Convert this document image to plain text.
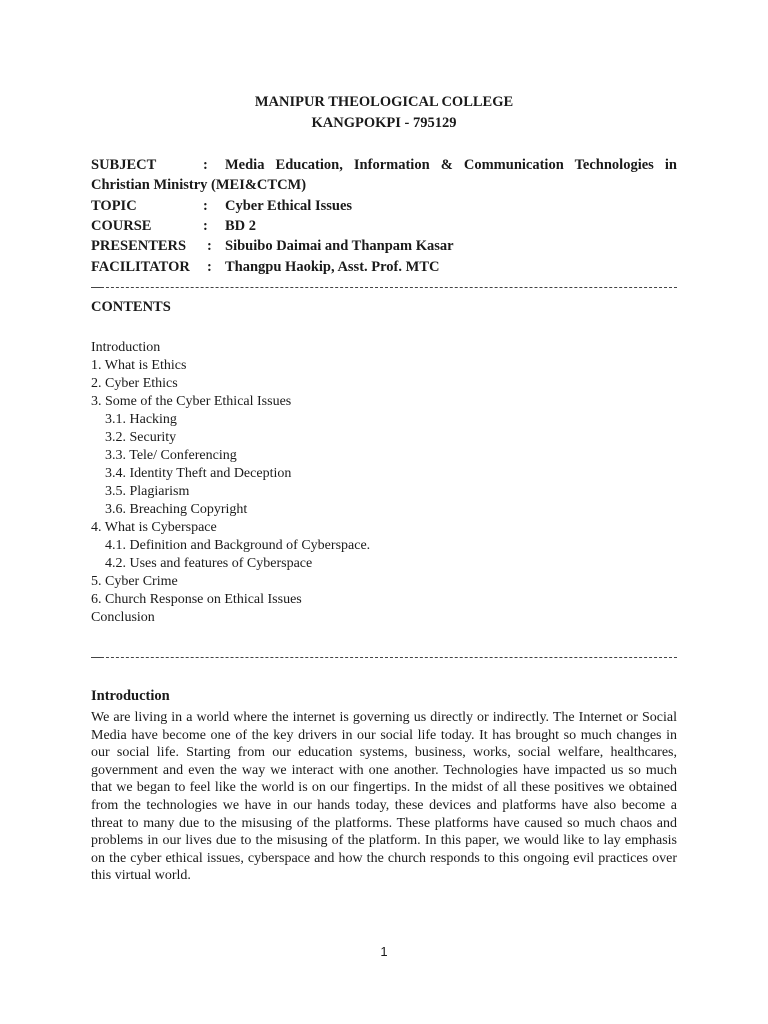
MANIPUR THEOLOGICAL COLLEGE
KANGPOKPI - 795129
SUBJECT	: Media Education, Information & Communication Technologies in Christian Ministry (MEI&CTCM)
TOPIC	:	Cyber Ethical Issues
COURSE	:	BD 2
PRESENTERS	: Sibuibo Daimai and Thanpam Kasar
FACILITATOR	: Thangpu Haokip, Asst. Prof. MTC
CONTENTS
Introduction
1. What is Ethics
2. Cyber Ethics
3. Some of the Cyber Ethical Issues
3.1. Hacking
3.2. Security
3.3. Tele/ Conferencing
3.4. Identity Theft and Deception
3.5. Plagiarism
3.6. Breaching Copyright
4. What is Cyberspace
4.1. Definition and Background of Cyberspace.
4.2. Uses and features of Cyberspace
5. Cyber Crime
6. Church Response on Ethical Issues
Conclusion
Introduction
We are living in a world where the internet is governing us directly or indirectly. The Internet or Social Media have become one of the key drivers in our social life today. It has brought so much changes in our social life. Starting from our education systems, business, works, social welfare, healthcares, government and even the way we interact with one another. Technologies have impacted us so much that we began to feel like the world is on our fingertips. In the midst of all these positives we obtained from the technologies we have in our hands today, these devices and platforms have also become a threat to many due to the misusing of the platforms. These platforms have caused so much chaos and problems in our lives due to the misusing of the platform. In this paper, we would like to lay emphasis on the cyber ethical issues, cyberspace and how the church responds to this ongoing evil practices over this virtual world.
1
